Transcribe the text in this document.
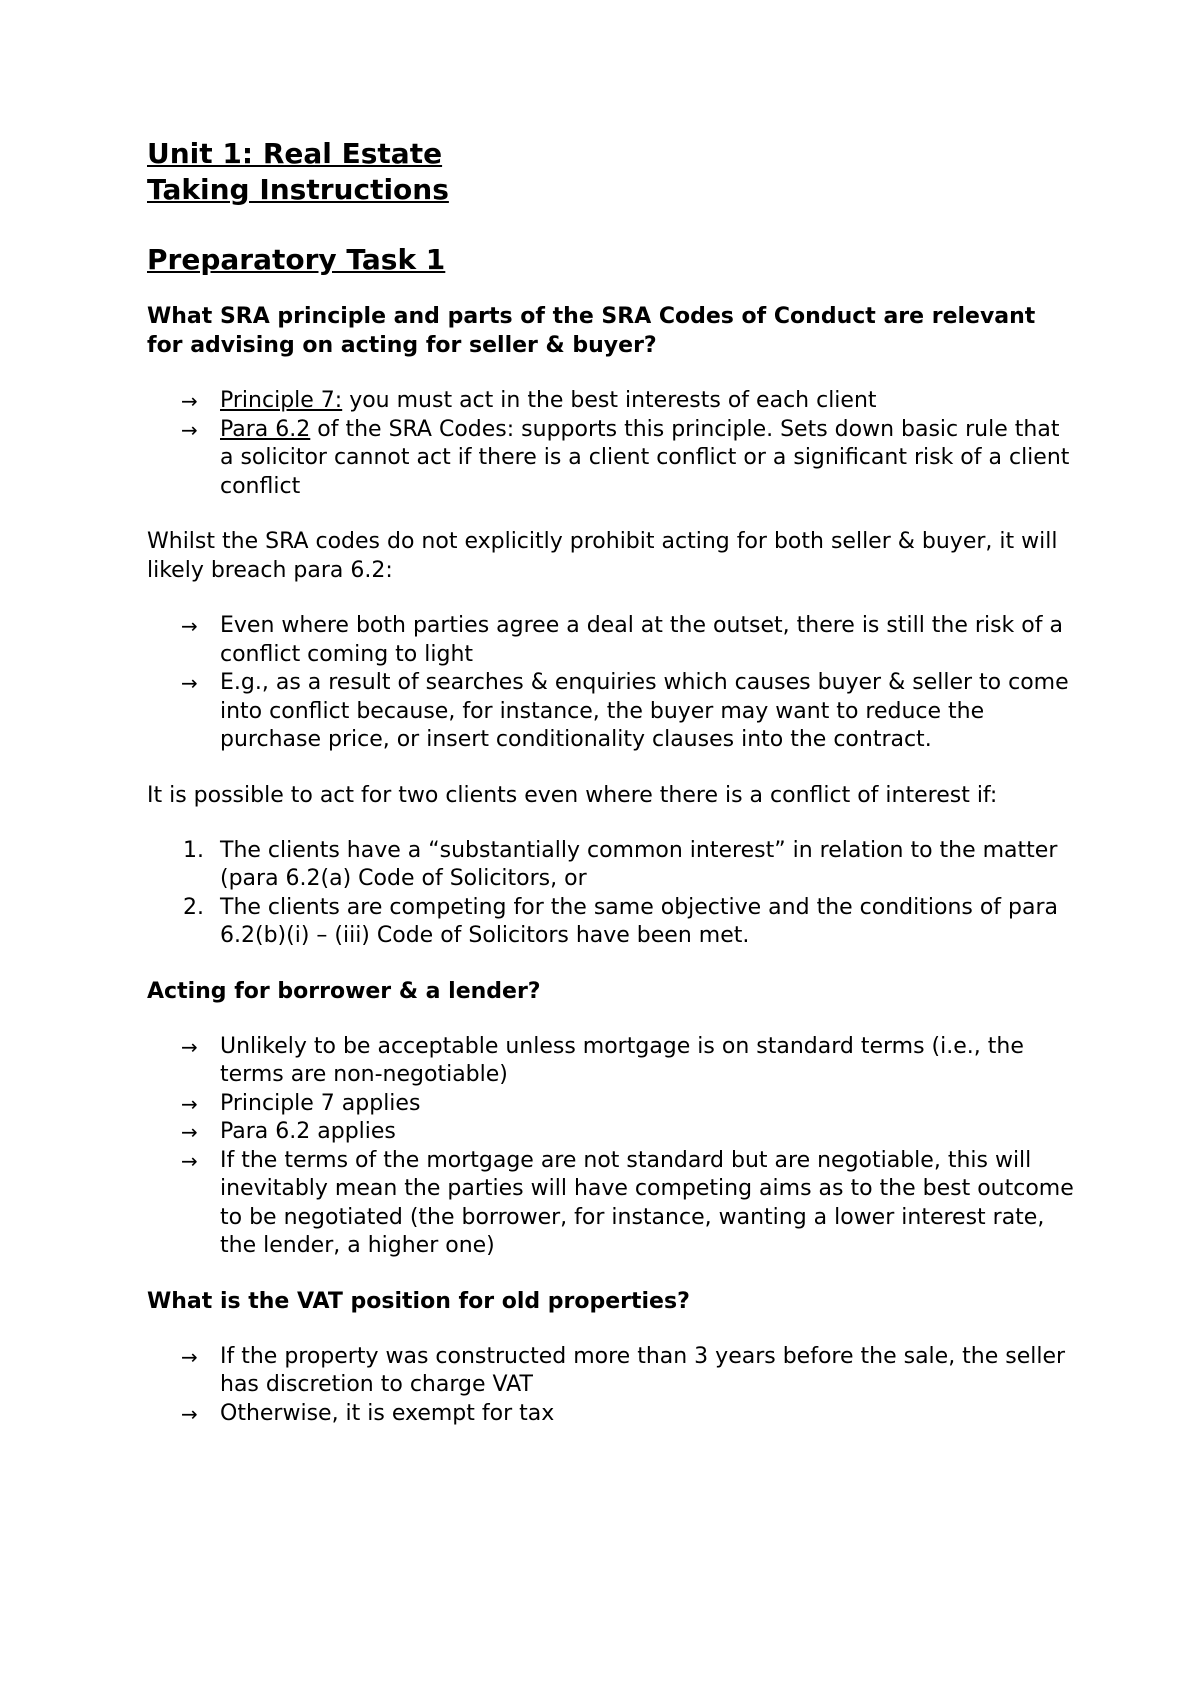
Unit 1: Real Estate
Taking Instructions
Preparatory Task 1

What SRA principle and parts of the SRA Codes of Conduct are relevant for advising on acting for seller & buyer?

→ Principle 7: you must act in the best interests of each client
→ Para 6.2 of the SRA Codes: supports this principle. Sets down basic rule that a solicitor cannot act if there is a client conflict or a significant risk of a client conflict

Whilst the SRA codes do not explicitly prohibit acting for both seller & buyer, it will likely breach para 6.2:

→ Even where both parties agree a deal at the outset, there is still the risk of a conflict coming to light
→ E.g., as a result of searches & enquiries which causes buyer & seller to come into conflict because, for instance, the buyer may want to reduce the purchase price, or insert conditionality clauses into the contract.

It is possible to act for two clients even where there is a conflict of interest if:

1. The clients have a “substantially common interest” in relation to the matter (para 6.2(a) Code of Solicitors, or
2. The clients are competing for the same objective and the conditions of para 6.2(b)(i) – (iii) Code of Solicitors have been met.

Acting for borrower & a lender?

→ Unlikely to be acceptable unless mortgage is on standard terms (i.e., the terms are non-negotiable)
→ Principle 7 applies
→ Para 6.2 applies
→ If the terms of the mortgage are not standard but are negotiable, this will inevitably mean the parties will have competing aims as to the best outcome to be negotiated (the borrower, for instance, wanting a lower interest rate, the lender, a higher one)

What is the VAT position for old properties?

→ If the property was constructed more than 3 years before the sale, the seller has discretion to charge VAT
→ Otherwise, it is exempt for tax
